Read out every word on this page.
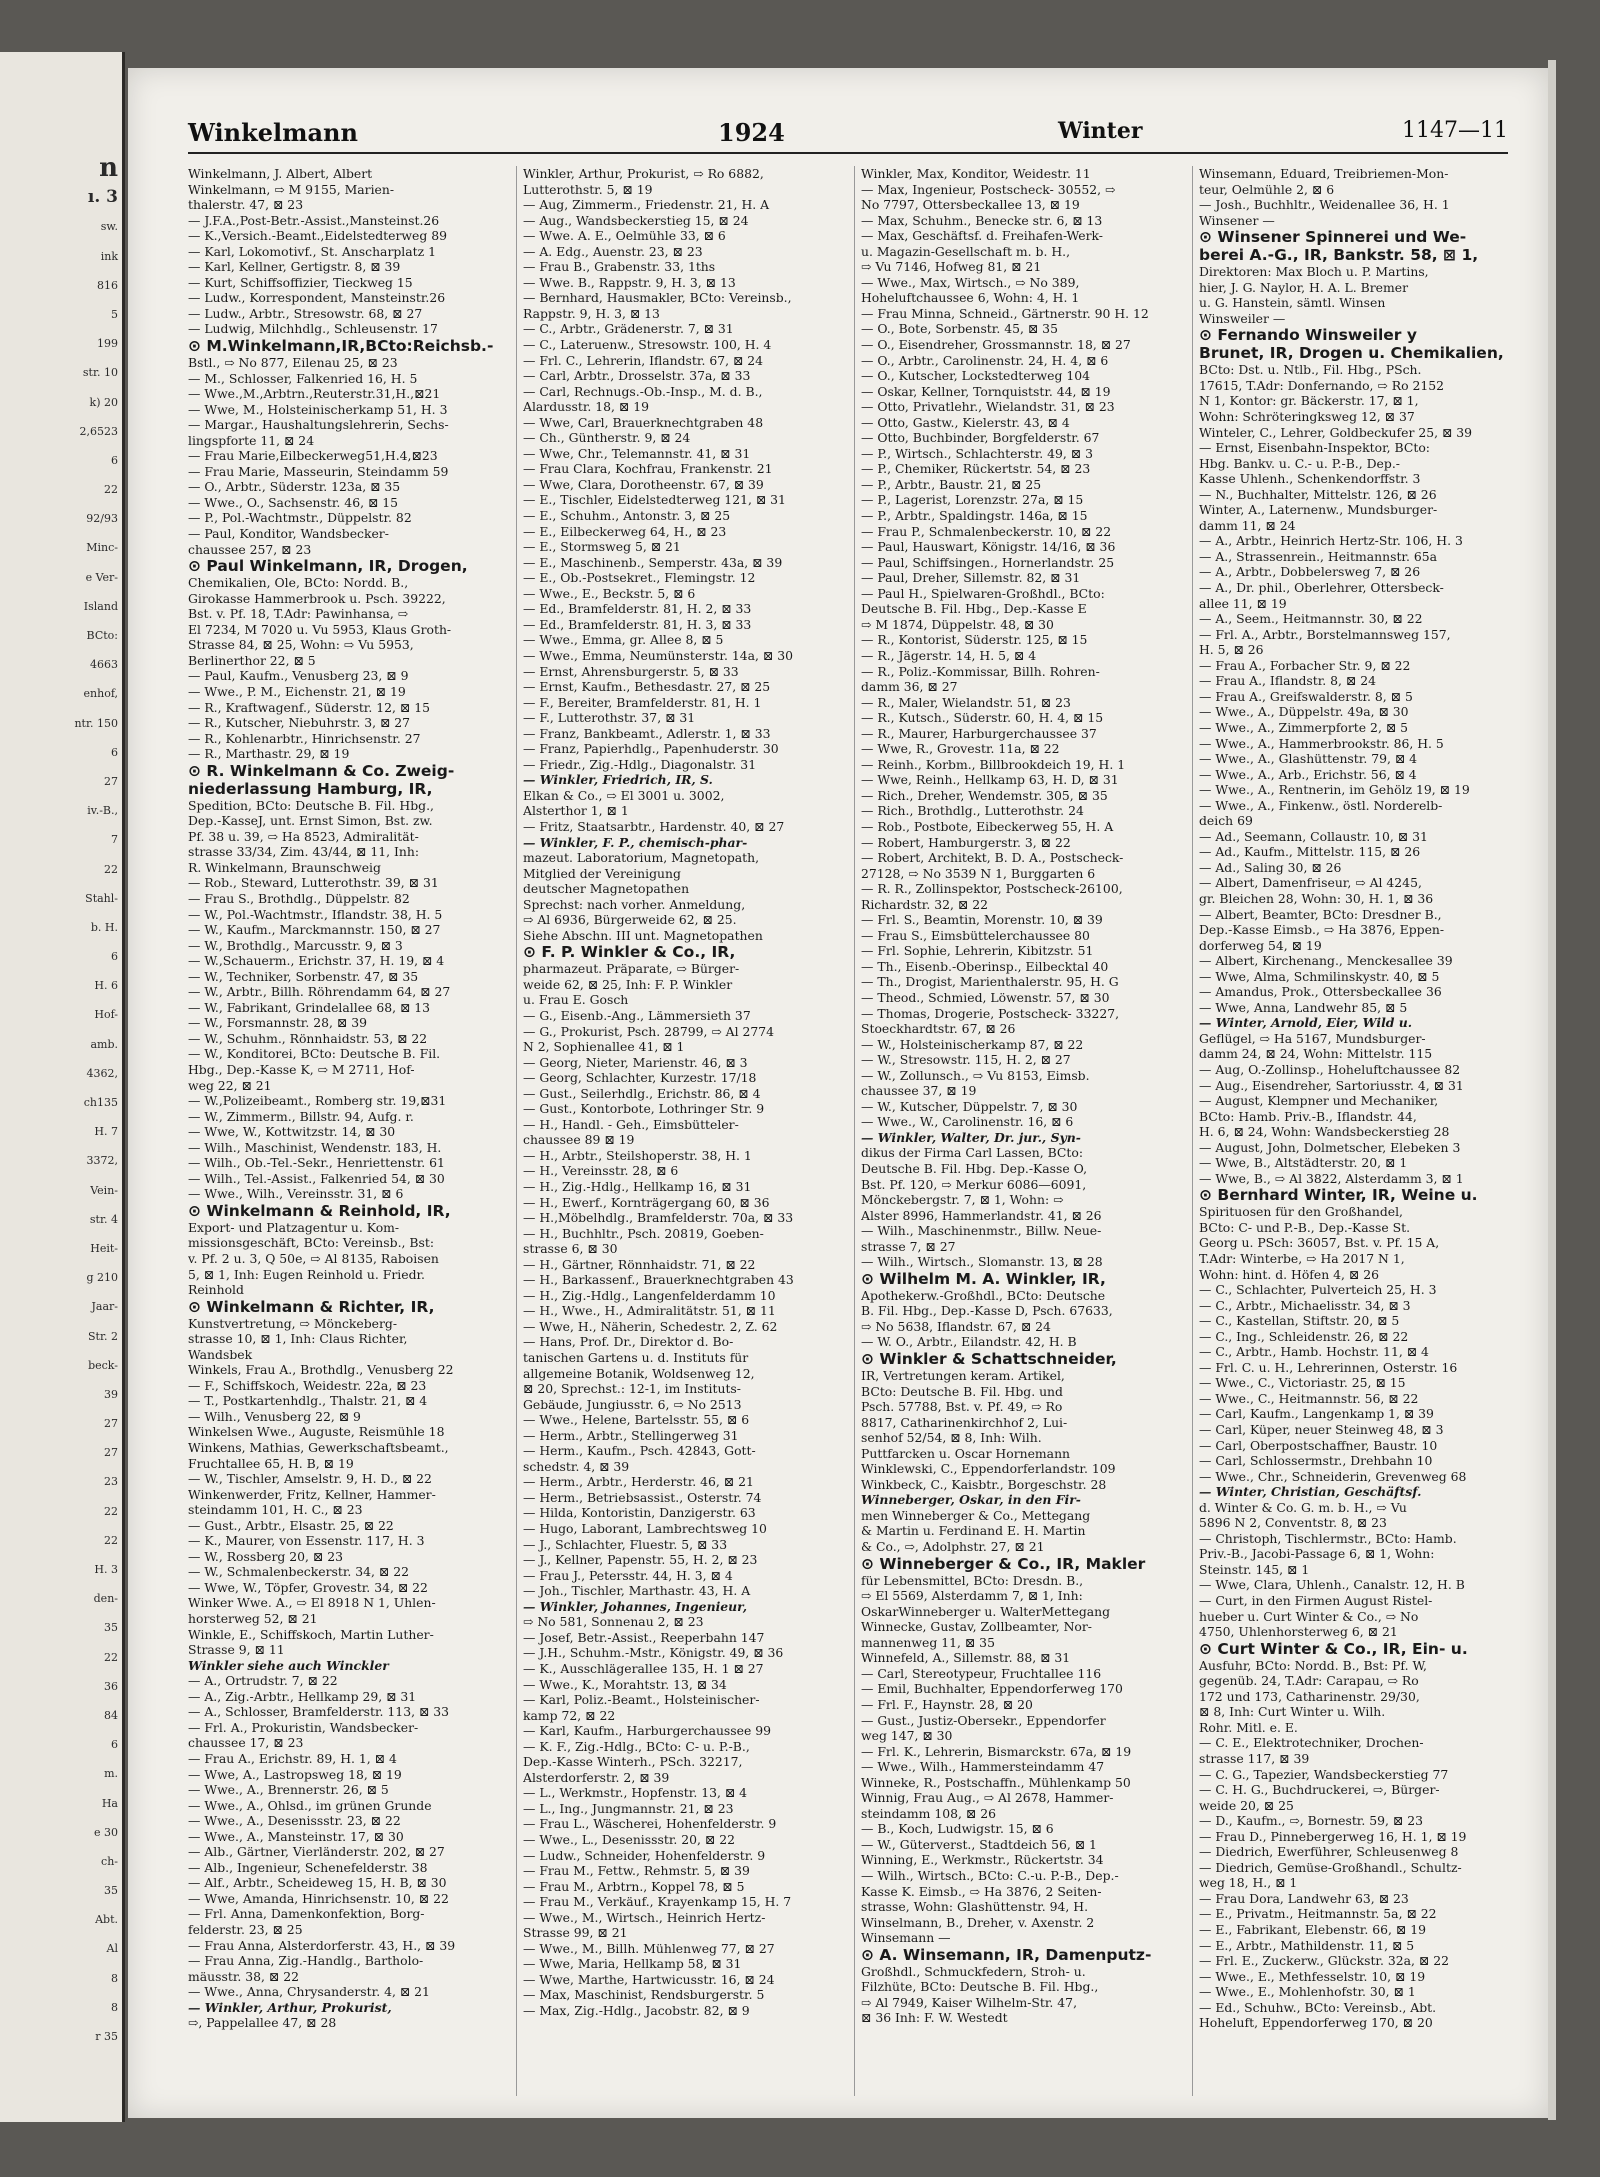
n
ı. 3
sw.
ink
816
5
199
str. 10
k) 20
2,6523
6
22
92/93
Minc-
e Ver-
Island
BCto:
4663
enhof,
ntr. 150
6
27
iv.-B.,
7
22
Stahl-
b. H.
6
H. 6
Hof-
amb.
4362,
ch135
H. 7
3372,
Vein-
str. 4
Heit-
g 210
Jaar-
Str. 2
beck-
39
27
27
23
22
22
H. 3
den-
35
22
36
84
6
m.
Ha
e 30
ch-
35
Abt.
Al
8
8
r 35
Winkelmann	1924	Winter	1147—11
Winkelmann, J. Albert, Albert
Winkelmann, ⇨ M 9155, Marien-
thalerstr. 47, ⊠ 23
— J.F.A.,Post-Betr.-Assist.,Mansteinst.26
— K.,Versich.-Beamt.,Eidelstedterweg 89
— Karl, Lokomotivf., St. Anscharplatz 1
— Karl, Kellner, Gertigstr. 8, ⊠ 39
— Kurt, Schiffsoffizier, Tieckweg 15
— Ludw., Korrespondent, Mansteinstr.26
— Ludw., Arbtr., Stresowstr. 68, ⊠ 27
— Ludwig, Milchhdlg., Schleusenstr. 17
⊙ M.Winkelmann,IR,BCto:Reichsb.-
Bstl., ⇨ No 877, Eilenau 25, ⊠ 23
— M., Schlosser, Falkenried 16, H. 5
— Wwe.,M.,Arbtrn.,Reuterstr.31,H.,⊠21
— Wwe, M., Holsteinischerkamp 51, H. 3
— Margar., Haushaltungslehrerin, Sechs-
lingspforte 11, ⊠ 24
— Frau Marie,Eilbeckerweg51,H.4,⊠23
— Frau Marie, Masseurin, Steindamm 59
— O., Arbtr., Süderstr. 123a, ⊠ 35
— Wwe., O., Sachsenstr. 46, ⊠ 15
— P., Pol.-Wachtmstr., Düppelstr. 82
— Paul, Konditor, Wandsbecker-
chaussee 257, ⊠ 23
⊙ Paul Winkelmann, IR, Drogen,
Chemikalien, Ole, BCto: Nordd. B.,
Girokasse Hammerbrook u. Psch. 39222,
Bst. v. Pf. 18, T.Adr: Pawinhansa, ⇨
El 7234, M 7020 u. Vu 5953, Klaus Groth-
Strasse 84, ⊠ 25, Wohn: ⇨ Vu 5953,
Berlinerthor 22, ⊠ 5
— Paul, Kaufm., Venusberg 23, ⊠ 9
— Wwe., P. M., Eichenstr. 21, ⊠ 19
— R., Kraftwagenf., Süderstr. 12, ⊠ 15
— R., Kutscher, Niebuhrstr. 3, ⊠ 27
— R., Kohlenarbtr., Hinrichsenstr. 27
— R., Marthastr. 29, ⊠ 19
⊙ R. Winkelmann & Co. Zweig-
niederlassung Hamburg, IR,
Spedition, BCto: Deutsche B. Fil. Hbg.,
Dep.-KasseJ, unt. Ernst Simon, Bst. zw.
Pf. 38 u. 39, ⇨ Ha 8523, Admiralität-
strasse 33/34, Zim. 43/44, ⊠ 11, Inh:
R. Winkelmann, Braunschweig
— Rob., Steward, Lutterothstr. 39, ⊠ 31
— Frau S., Brothdlg., Düppelstr. 82
— W., Pol.-Wachtmstr., Iflandstr. 38, H. 5
— W., Kaufm., Marckmannstr. 150, ⊠ 27
— W., Brothdlg., Marcusstr. 9, ⊠ 3
— W.,Schauerm., Erichstr. 37, H. 19, ⊠ 4
— W., Techniker, Sorbenstr. 47, ⊠ 35
— W., Arbtr., Billh. Röhrendamm 64, ⊠ 27
— W., Fabrikant, Grindelallee 68, ⊠ 13
— W., Forsmannstr. 28, ⊠ 39
— W., Schuhm., Rönnhaidstr. 53, ⊠ 22
— W., Konditorei, BCto: Deutsche B. Fil.
Hbg., Dep.-Kasse K, ⇨ M 2711, Hof-
weg 22, ⊠ 21
— W.,Polizeibeamt., Romberg str. 19,⊠31
— W., Zimmerm., Billstr. 94, Aufg. r.
— Wwe, W., Kottwitzstr. 14, ⊠ 30
— Wilh., Maschinist, Wendenstr. 183, H.
— Wilh., Ob.-Tel.-Sekr., Henriettenstr. 61
— Wilh., Tel.-Assist., Falkenried 54, ⊠ 30
— Wwe., Wilh., Vereinsstr. 31, ⊠ 6
⊙ Winkelmann & Reinhold, IR,
Export- und Platzagentur u. Kom-
missionsgeschäft, BCto: Vereinsb., Bst:
v. Pf. 2 u. 3, Q 50e, ⇨ Al 8135, Raboisen
5, ⊠ 1, Inh: Eugen Reinhold u. Friedr.
Reinhold
⊙ Winkelmann & Richter, IR,
Kunstvertretung, ⇨ Mönckeberg-
strasse 10, ⊠ 1, Inh: Claus Richter,
Wandsbek
Winkels, Frau A., Brothdlg., Venusberg 22
— F., Schiffskoch, Weidestr. 22a, ⊠ 23
— T., Postkartenhdlg., Thalstr. 21, ⊠ 4
— Wilh., Venusberg 22, ⊠ 9
Winkelsen Wwe., Auguste, Reismühle 18
Winkens, Mathias, Gewerkschaftsbeamt.,
Fruchtallee 65, H. B, ⊠ 19
— W., Tischler, Amselstr. 9, H. D., ⊠ 22
Winkenwerder, Fritz, Kellner, Hammer-
steindamm 101, H. C., ⊠ 23
— Gust., Arbtr., Elsastr. 25, ⊠ 22
— K., Maurer, von Essenstr. 117, H. 3
— W., Rossberg 20, ⊠ 23
— W., Schmalenbeckerstr. 34, ⊠ 22
— Wwe, W., Töpfer, Grovestr. 34, ⊠ 22
Winker Wwe. A., ⇨ El 8918 N 1, Uhlen-
horsterweg 52, ⊠ 21
Winkle, E., Schiffskoch, Martin Luther-
Strasse 9, ⊠ 11
Winkler siehe auch Winckler
— A., Ortrudstr. 7, ⊠ 22
— A., Zig.-Arbtr., Hellkamp 29, ⊠ 31
— A., Schlosser, Bramfelderstr. 113, ⊠ 33
— Frl. A., Prokuristin, Wandsbecker-
chaussee 17, ⊠ 23
— Frau A., Erichstr. 89, H. 1, ⊠ 4
— Wwe, A., Lastropsweg 18, ⊠ 19
— Wwe., A., Brennerstr. 26, ⊠ 5
— Wwe., A., Ohlsd., im grünen Grunde
— Wwe., A., Desenissstr. 23, ⊠ 22
— Wwe., A., Mansteinstr. 17, ⊠ 30
— Alb., Gärtner, Vierländerstr. 202, ⊠ 27
— Alb., Ingenieur, Schenefelderstr. 38
— Alf., Arbtr., Scheideweg 15, H. B, ⊠ 30
— Wwe, Amanda, Hinrichsenstr. 10, ⊠ 22
— Frl. Anna, Damenkonfektion, Borg-
felderstr. 23, ⊠ 25
— Frau Anna, Alsterdorferstr. 43, H., ⊠ 39
— Frau Anna, Zig.-Handlg., Bartholo-
mäusstr. 38, ⊠ 22
— Wwe., Anna, Chrysanderstr. 4, ⊠ 21
— Winkler, Arthur, Prokurist,
⇨, Pappelallee 47, ⊠ 28
Winkler, Arthur, Prokurist, ⇨ Ro 6882,
Lutterothstr. 5, ⊠ 19
— Aug, Zimmerm., Friedenstr. 21, H. A
— Aug., Wandsbeckerstieg 15, ⊠ 24
— Wwe. A. E., Oelmühle 33, ⊠ 6
— A. Edg., Auenstr. 23, ⊠ 23
— Frau B., Grabenstr. 33, 1ths
— Wwe. B., Rappstr. 9, H. 3, ⊠ 13
— Bernhard, Hausmakler, BCto: Vereinsb.,
Rappstr. 9, H. 3, ⊠ 13
— C., Arbtr., Grädenerstr. 7, ⊠ 31
— C., Lateruenw., Stresowstr. 100, H. 4
— Frl. C., Lehrerin, Iflandstr. 67, ⊠ 24
— Carl, Arbtr., Drosselstr. 37a, ⊠ 33
— Carl, Rechnugs.-Ob.-Insp., M. d. B.,
Alardusstr. 18, ⊠ 19
— Wwe, Carl, Brauerknechtgraben 48
— Ch., Güntherstr. 9, ⊠ 24
— Wwe, Chr., Telemannstr. 41, ⊠ 31
— Frau Clara, Kochfrau, Frankenstr. 21
— Wwe, Clara, Dorotheenstr. 67, ⊠ 39
— E., Tischler, Eidelstedterweg 121, ⊠ 31
— E., Schuhm., Antonstr. 3, ⊠ 25
— E., Eilbeckerweg 64, H., ⊠ 23
— E., Stormsweg 5, ⊠ 21
— E., Maschinenb., Semperstr. 43a, ⊠ 39
— E., Ob.-Postsekret., Flemingstr. 12
— Wwe., E., Beckstr. 5, ⊠ 6
— Ed., Bramfelderstr. 81, H. 2, ⊠ 33
— Ed., Bramfelderstr. 81, H. 3, ⊠ 33
— Wwe., Emma, gr. Allee 8, ⊠ 5
— Wwe., Emma, Neumünsterstr. 14a, ⊠ 30
— Ernst, Ahrensburgerstr. 5, ⊠ 33
— Ernst, Kaufm., Bethesdastr. 27, ⊠ 25
— F., Bereiter, Bramfelderstr. 81, H. 1
— F., Lutterothstr. 37, ⊠ 31
— Franz, Bankbeamt., Adlerstr. 1, ⊠ 33
— Franz, Papierhdlg., Papenhuderstr. 30
— Friedr., Zig.-Hdlg., Diagonalstr. 31
— Winkler, Friedrich, IR, S.
Elkan & Co., ⇨ El 3001 u. 3002,
Alsterthor 1, ⊠ 1
— Fritz, Staatsarbtr., Hardenstr. 40, ⊠ 27
— Winkler, F. P., chemisch-phar-
mazeut. Laboratorium, Magnetopath,
Mitglied der Vereinigung
deutscher Magnetopathen
Sprechst: nach vorher. Anmeldung,
⇨ Al 6936, Bürgerweide 62, ⊠ 25.
Siehe Abschn. III unt. Magnetopathen
⊙ F. P. Winkler & Co., IR,
pharmazeut. Präparate, ⇨ Bürger-
weide 62, ⊠ 25, Inh: F. P. Winkler
u. Frau E. Gosch
— G., Eisenb.-Ang., Lämmersieth 37
— G., Prokurist, Psch. 28799, ⇨ Al 2774
N 2, Sophienallee 41, ⊠ 1
— Georg, Nieter, Marienstr. 46, ⊠ 3
— Georg, Schlachter, Kurzestr. 17/18
— Gust., Seilerhdlg., Erichstr. 86, ⊠ 4
— Gust., Kontorbote, Lothringer Str. 9
— H., Handl. - Geh., Eimsbütteler-
chaussee 89 ⊠ 19
— H., Arbtr., Steilshoperstr. 38, H. 1
— H., Vereinsstr. 28, ⊠ 6
— H., Zig.-Hdlg., Hellkamp 16, ⊠ 31
— H., Ewerf., Kornträgergang 60, ⊠ 36
— H.,Möbelhdlg., Bramfelderstr. 70a, ⊠ 33
— H., Buchhltr., Psch. 20819, Goeben-
strasse 6, ⊠ 30
— H., Gärtner, Rönnhaidstr. 71, ⊠ 22
— H., Barkassenf., Brauerknechtgraben 43
— H., Zig.-Hdlg., Langenfelderdamm 10
— H., Wwe., H., Admiralitätstr. 51, ⊠ 11
— Wwe, H., Näherin, Schedestr. 2, Z. 62
— Hans, Prof. Dr., Direktor d. Bo-
tanischen Gartens u. d. Instituts für
allgemeine Botanik, Woldsenweg 12,
⊠ 20, Sprechst.: 12-1, im Instituts-
Gebäude, Jungiusstr. 6, ⇨ No 2513
— Wwe., Helene, Bartelsstr. 55, ⊠ 6
— Herm., Arbtr., Stellingerweg 31
— Herm., Kaufm., Psch. 42843, Gott-
schedstr. 4, ⊠ 39
— Herm., Arbtr., Herderstr. 46, ⊠ 21
— Herm., Betriebsassist., Osterstr. 74
— Hilda, Kontoristin, Danzigerstr. 63
— Hugo, Laborant, Lambrechtsweg 10
— J., Schlachter, Fluestr. 5, ⊠ 33
— J., Kellner, Papenstr. 55, H. 2, ⊠ 23
— Frau J., Petersstr. 44, H. 3, ⊠ 4
— Joh., Tischler, Marthastr. 43, H. A
— Winkler, Johannes, Ingenieur,
⇨ No 581, Sonnenau 2, ⊠ 23
— Josef, Betr.-Assist., Reeperbahn 147
— J.H., Schuhm.-Mstr., Königstr. 49, ⊠ 36
— K., Ausschlägerallee 135, H. 1 ⊠ 27
— Wwe., K., Morahtstr. 13, ⊠ 34
— Karl, Poliz.-Beamt., Holsteinischer-
kamp 72, ⊠ 22
— Karl, Kaufm., Harburgerchaussee 99
— K. F., Zig.-Hdlg., BCto: C- u. P.-B.,
Dep.-Kasse Winterh., PSch. 32217,
Alsterdorferstr. 2, ⊠ 39
— L., Werkmstr., Hopfenstr. 13, ⊠ 4
— L., Ing., Jungmannstr. 21, ⊠ 23
— Frau L., Wäscherei, Hohenfelderstr. 9
— Wwe., L., Desenissstr. 20, ⊠ 22
— Ludw., Schneider, Hohenfelderstr. 9
— Frau M., Fettw., Rehmstr. 5, ⊠ 39
— Frau M., Arbtrn., Koppel 78, ⊠ 5
— Frau M., Verkäuf., Krayenkamp 15, H. 7
— Wwe., M., Wirtsch., Heinrich Hertz-
Strasse 99, ⊠ 21
— Wwe., M., Billh. Mühlenweg 77, ⊠ 27
— Wwe, Maria, Hellkamp 58, ⊠ 31
— Wwe, Marthe, Hartwicusstr. 16, ⊠ 24
— Max, Maschinist, Rendsburgerstr. 5
— Max, Zig.-Hdlg., Jacobstr. 82, ⊠ 9
Winkler, Max, Konditor, Weidestr. 11
— Max, Ingenieur, Postscheck- 30552, ⇨
No 7797, Ottersbeckallee 13, ⊠ 19
— Max, Schuhm., Benecke str. 6, ⊠ 13
— Max, Geschäftsf. d. Freihafen-Werk-
u. Magazin-Gesellschaft m. b. H.,
⇨ Vu 7146, Hofweg 81, ⊠ 21
— Wwe., Max, Wirtsch., ⇨ No 389,
Hoheluftchaussee 6, Wohn: 4, H. 1
— Frau Minna, Schneid., Gärtnerstr. 90 H. 12
— O., Bote, Sorbenstr. 45, ⊠ 35
— O., Eisendreher, Grossmannstr. 18, ⊠ 27
— O., Arbtr., Carolinenstr. 24, H. 4, ⊠ 6
— O., Kutscher, Lockstedterweg 104
— Oskar, Kellner, Tornquiststr. 44, ⊠ 19
— Otto, Privatlehr., Wielandstr. 31, ⊠ 23
— Otto, Gastw., Kielerstr. 43, ⊠ 4
— Otto, Buchbinder, Borgfelderstr. 67
— P., Wirtsch., Schlachterstr. 49, ⊠ 3
— P., Chemiker, Rückertstr. 54, ⊠ 23
— P., Arbtr., Baustr. 21, ⊠ 25
— P., Lagerist, Lorenzstr. 27a, ⊠ 15
— P., Arbtr., Spaldingstr. 146a, ⊠ 15
— Frau P., Schmalenbeckerstr. 10, ⊠ 22
— Paul, Hauswart, Königstr. 14/16, ⊠ 36
— Paul, Schiffsingen., Hornerlandstr. 25
— Paul, Dreher, Sillemstr. 82, ⊠ 31
— Paul H., Spielwaren-Großhdl., BCto:
Deutsche B. Fil. Hbg., Dep.-Kasse E
⇨ M 1874, Düppelstr. 48, ⊠ 30
— R., Kontorist, Süderstr. 125, ⊠ 15
— R., Jägerstr. 14, H. 5, ⊠ 4
— R., Poliz.-Kommissar, Billh. Rohren-
damm 36, ⊠ 27
— R., Maler, Wielandstr. 51, ⊠ 23
— R., Kutsch., Süderstr. 60, H. 4, ⊠ 15
— R., Maurer, Harburgerchaussee 37
— Wwe, R., Grovestr. 11a, ⊠ 22
— Reinh., Korbm., Billbrookdeich 19, H. 1
— Wwe, Reinh., Hellkamp 63, H. D, ⊠ 31
— Rich., Dreher, Wendemstr. 305, ⊠ 35
— Rich., Brothdlg., Lutterothstr. 24
— Rob., Postbote, Eibeckerweg 55, H. A
— Robert, Hamburgerstr. 3, ⊠ 22
— Robert, Architekt, B. D. A., Postscheck-
27128, ⇨ No 3539 N 1, Burggarten 6
— R. R., Zollinspektor, Postscheck-26100,
Richardstr. 32, ⊠ 22
— Frl. S., Beamtin, Morenstr. 10, ⊠ 39
— Frau S., Eimsbüttelerchaussee 80
— Frl. Sophie, Lehrerin, Kibitzstr. 51
— Th., Eisenb.-Oberinsp., Eilbecktal 40
— Th., Drogist, Marienthalerstr. 95, H. G
— Theod., Schmied, Löwenstr. 57, ⊠ 30
— Thomas, Drogerie, Postscheck- 33227,
Stoeckhardtstr. 67, ⊠ 26
— W., Holsteinischerkamp 87, ⊠ 22
— W., Stresowstr. 115, H. 2, ⊠ 27
— W., Zollunsch., ⇨ Vu 8153, Eimsb.
chaussee 37, ⊠ 19
— W., Kutscher, Düppelstr. 7, ⊠ 30
— Wwe., W., Carolinenstr. 16, ⊠ 6
— Winkler, Walter, Dr. jur., Syn-
dikus der Firma Carl Lassen, BCto:
Deutsche B. Fil. Hbg. Dep.-Kasse O,
Bst. Pf. 120, ⇨ Merkur 6086—6091,
Mönckebergstr. 7, ⊠ 1, Wohn: ⇨
Alster 8996, Hammerlandstr. 41, ⊠ 26
— Wilh., Maschinenmstr., Billw. Neue-
strasse 7, ⊠ 27
— Wilh., Wirtsch., Slomanstr. 13, ⊠ 28
⊙ Wilhelm M. A. Winkler, IR,
Apothekerw.-Großhdl., BCto: Deutsche
B. Fil. Hbg., Dep.-Kasse D, Psch. 67633,
⇨ No 5638, Iflandstr. 67, ⊠ 24
— W. O., Arbtr., Eilandstr. 42, H. B
⊙ Winkler & Schattschneider,
IR, Vertretungen keram. Artikel,
BCto: Deutsche B. Fil. Hbg. und
Psch. 57788, Bst. v. Pf. 49, ⇨ Ro
8817, Catharinenkirchhof 2, Lui-
senhof 52/54, ⊠ 8, Inh: Wilh.
Puttfarcken u. Oscar Hornemann
Winklewski, C., Eppendorferlandstr. 109
Winkbeck, C., Kaisbtr., Borgeschstr. 28
Winneberger, Oskar, in den Fir-
men Winneberger & Co., Mettegang
& Martin u. Ferdinand E. H. Martin
& Co., ⇨, Adolphstr. 27, ⊠ 21
⊙ Winneberger & Co., IR, Makler
für Lebensmittel, BCto: Dresdn. B.,
⇨ El 5569, Alsterdamm 7, ⊠ 1, Inh:
OskarWinneberger u. WalterMettegang
Winnecke, Gustav, Zollbeamter, Nor-
mannenweg 11, ⊠ 35
Winnefeld, A., Sillemstr. 88, ⊠ 31
— Carl, Stereotypeur, Fruchtallee 116
— Emil, Buchhalter, Eppendorferweg 170
— Frl. F., Haynstr. 28, ⊠ 20
— Gust., Justiz-Obersekr., Eppendorfer
weg 147, ⊠ 30
— Frl. K., Lehrerin, Bismarckstr. 67a, ⊠ 19
— Wwe., Wilh., Hammersteindamm 47
Winneke, R., Postschaffn., Mühlenkamp 50
Winnig, Frau Aug., ⇨ Al 2678, Hammer-
steindamm 108, ⊠ 26
— B., Koch, Ludwigstr. 15, ⊠ 6
— W., Güterverst., Stadtdeich 56, ⊠ 1
Winning, E., Werkmstr., Rückertstr. 34
— Wilh., Wirtsch., BCto: C.-u. P.-B., Dep.-
Kasse K. Eimsb., ⇨ Ha 3876, 2 Seiten-
strasse, Wohn: Glashüttenstr. 94, H.
Winselmann, B., Dreher, v. Axenstr. 2
Winsemann —
⊙ A. Winsemann, IR, Damenputz-
Großhdl., Schmuckfedern, Stroh- u.
Filzhüte, BCto: Deutsche B. Fil. Hbg.,
⇨ Al 7949, Kaiser Wilhelm-Str. 47,
⊠ 36 Inh: F. W. Westedt
Winsemann, Eduard, Treibriemen-Mon-
teur, Oelmühle 2, ⊠ 6
— Josh., Buchhltr., Weidenallee 36, H. 1
Winsener —
⊙ Winsener Spinnerei und We-
berei A.-G., IR, Bankstr. 58, ⊠ 1,
Direktoren: Max Bloch u. P. Martins,
hier, J. G. Naylor, H. A. L. Bremer
u. G. Hanstein, sämtl. Winsen
Winsweiler —
⊙ Fernando Winsweiler y
Brunet, IR, Drogen u. Chemikalien,
BCto: Dst. u. Ntlb., Fil. Hbg., PSch.
17615, T.Adr: Donfernando, ⇨ Ro 2152
N 1, Kontor: gr. Bäckerstr. 17, ⊠ 1,
Wohn: Schröteringksweg 12, ⊠ 37
Winteler, C., Lehrer, Goldbeckufer 25, ⊠ 39
— Ernst, Eisenbahn-Inspektor, BCto:
Hbg. Bankv. u. C.- u. P.-B., Dep.-
Kasse Uhlenh., Schenkendorffstr. 3
— N., Buchhalter, Mittelstr. 126, ⊠ 26
Winter, A., Laternenw., Mundsburger-
damm 11, ⊠ 24
— A., Arbtr., Heinrich Hertz-Str. 106, H. 3
— A., Strassenrein., Heitmannstr. 65a
— A., Arbtr., Dobbelersweg 7, ⊠ 26
— A., Dr. phil., Oberlehrer, Ottersbeck-
allee 11, ⊠ 19
— A., Seem., Heitmannstr. 30, ⊠ 22
— Frl. A., Arbtr., Borstelmannsweg 157,
H. 5, ⊠ 26
— Frau A., Forbacher Str. 9, ⊠ 22
— Frau A., Iflandstr. 8, ⊠ 24
— Frau A., Greifswalderstr. 8, ⊠ 5
— Wwe., A., Düppelstr. 49a, ⊠ 30
— Wwe., A., Zimmerpforte 2, ⊠ 5
— Wwe., A., Hammerbrookstr. 86, H. 5
— Wwe., A., Glashüttenstr. 79, ⊠ 4
— Wwe., A., Arb., Erichstr. 56, ⊠ 4
— Wwe., A., Rentnerin, im Gehölz 19, ⊠ 19
— Wwe., A., Finkenw., östl. Norderelb-
deich 69
— Ad., Seemann, Collaustr. 10, ⊠ 31
— Ad., Kaufm., Mittelstr. 115, ⊠ 26
— Ad., Saling 30, ⊠ 26
— Albert, Damenfriseur, ⇨ Al 4245,
gr. Bleichen 28, Wohn: 30, H. 1, ⊠ 36
— Albert, Beamter, BCto: Dresdner B.,
Dep.-Kasse Eimsb., ⇨ Ha 3876, Eppen-
dorferweg 54, ⊠ 19
— Albert, Kirchenang., Menckesallee 39
— Wwe, Alma, Schmilinskystr. 40, ⊠ 5
— Amandus, Prok., Ottersbeckallee 36
— Wwe, Anna, Landwehr 85, ⊠ 5
— Winter, Arnold, Eier, Wild u.
Geflügel, ⇨ Ha 5167, Mundsburger-
damm 24, ⊠ 24, Wohn: Mittelstr. 115
— Aug, O.-Zollinsp., Hoheluftchaussee 82
— Aug., Eisendreher, Sartoriusstr. 4, ⊠ 31
— August, Klempner und Mechaniker,
BCto: Hamb. Priv.-B., Iflandstr. 44,
H. 6, ⊠ 24, Wohn: Wandsbeckerstieg 28
— August, John, Dolmetscher, Elebeken 3
— Wwe, B., Altstädterstr. 20, ⊠ 1
— Wwe, B., ⇨ Al 3822, Alsterdamm 3, ⊠ 1
⊙ Bernhard Winter, IR, Weine u.
Spirituosen für den Großhandel,
BCto: C- und P.-B., Dep.-Kasse St.
Georg u. PSch: 36057, Bst. v. Pf. 15 A,
T.Adr: Winterbe, ⇨ Ha 2017 N 1,
Wohn: hint. d. Höfen 4, ⊠ 26
— C., Schlachter, Pulverteich 25, H. 3
— C., Arbtr., Michaelisstr. 34, ⊠ 3
— C., Kastellan, Stiftstr. 20, ⊠ 5
— C., Ing., Schleidenstr. 26, ⊠ 22
— C., Arbtr., Hamb. Hochstr. 11, ⊠ 4
— Frl. C. u. H., Lehrerinnen, Osterstr. 16
— Wwe., C., Victoriastr. 25, ⊠ 15
— Wwe., C., Heitmannstr. 56, ⊠ 22
— Carl, Kaufm., Langenkamp 1, ⊠ 39
— Carl, Küper, neuer Steinweg 48, ⊠ 3
— Carl, Oberpostschaffner, Baustr. 10
— Carl, Schlossermstr., Drehbahn 10
— Wwe., Chr., Schneiderin, Grevenweg 68
— Winter, Christian, Geschäftsf.
d. Winter & Co. G. m. b. H., ⇨ Vu
5896 N 2, Conventstr. 8, ⊠ 23
— Christoph, Tischlermstr., BCto: Hamb.
Priv.-B., Jacobi-Passage 6, ⊠ 1, Wohn:
Steinstr. 145, ⊠ 1
— Wwe, Clara, Uhlenh., Canalstr. 12, H. B
— Curt, in den Firmen August Ristel-
hueber u. Curt Winter & Co., ⇨ No
4750, Uhlenhorsterweg 6, ⊠ 21
⊙ Curt Winter & Co., IR, Ein- u.
Ausfuhr, BCto: Nordd. B., Bst: Pf. W,
gegenüb. 24, T.Adr: Carapau, ⇨ Ro
172 und 173, Catharinenstr. 29/30,
⊠ 8, Inh: Curt Winter u. Wilh.
Rohr. Mitl. e. E.
— C. E., Elektrotechniker, Drochen-
strasse 117, ⊠ 39
— C. G., Tapezier, Wandsbeckerstieg 77
— C. H. G., Buchdruckerei, ⇨, Bürger-
weide 20, ⊠ 25
— D., Kaufm., ⇨, Bornestr. 59, ⊠ 23
— Frau D., Pinnebergerweg 16, H. 1, ⊠ 19
— Diedrich, Ewerführer, Schleusenweg 8
— Diedrich, Gemüse-Großhandl., Schultz-
weg 18, H., ⊠ 1
— Frau Dora, Landwehr 63, ⊠ 23
— E., Privatm., Heitmannstr. 5a, ⊠ 22
— E., Fabrikant, Elebenstr. 66, ⊠ 19
— E., Arbtr., Mathildenstr. 11, ⊠ 5
— Frl. E., Zuckerw., Glückstr. 32a, ⊠ 22
— Wwe., E., Methfesselstr. 10, ⊠ 19
— Wwe., E., Mohlenhofstr. 30, ⊠ 1
— Ed., Schuhw., BCto: Vereinsb., Abt.
Hoheluft, Eppendorferweg 170, ⊠ 20
